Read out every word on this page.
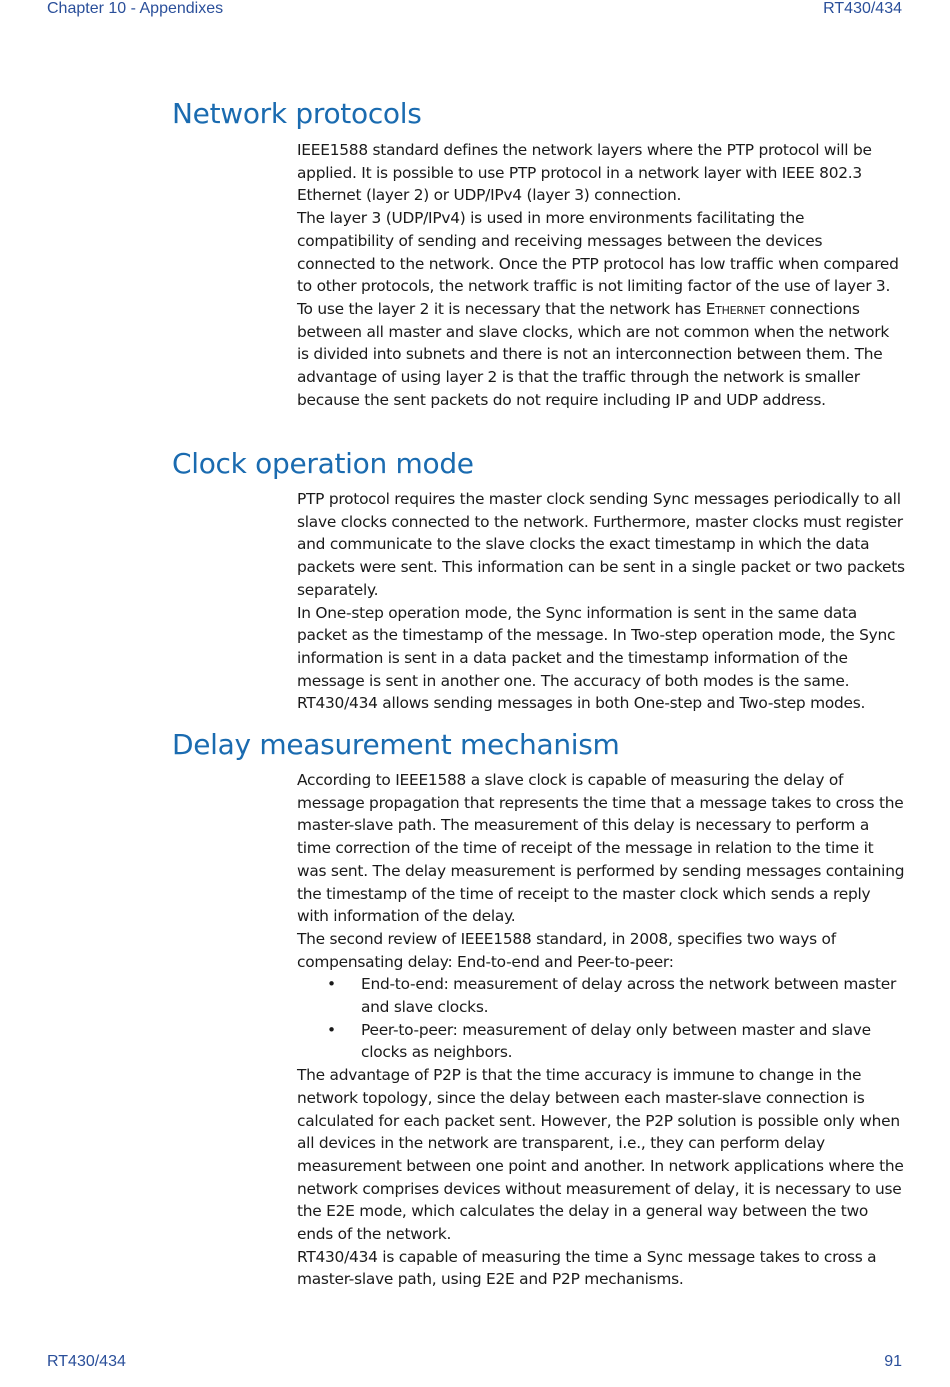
Chapter 10 - Appendixes	RT430/434
Network protocols

IEEE1588 standard defines the network layers where the PTP protocol will be applied. It is possible to use PTP protocol in a network layer with IEEE 802.3 Ethernet (layer 2) or UDP/IPv4 (layer 3) connection.

The layer 3 (UDP/IPv4) is used in more environments facilitating the compatibility of sending and receiving messages between the devices connected to the network. Once the PTP protocol has low traffic when compared to other protocols, the network traffic is not limiting factor of the use of layer 3.

To use the layer 2 it is necessary that the network has Ethernet connections between all master and slave clocks, which are not common when the network is divided into subnets and there is not an interconnection between them. The advantage of using layer 2 is that the traffic through the network is smaller because the sent packets do not require including IP and UDP address.

Clock operation mode

PTP protocol requires the master clock sending Sync messages periodically to all slave clocks connected to the network. Furthermore, master clocks must register and communicate to the slave clocks the exact timestamp in which the data packets were sent. This information can be sent in a single packet or two packets separately.

In One-step operation mode, the Sync information is sent in the same data packet as the timestamp of the message. In Two-step operation mode, the Sync information is sent in a data packet and the timestamp information of the message is sent in another one. The accuracy of both modes is the same.

RT430/434 allows sending messages in both One-step and Two-step modes.

Delay measurement mechanism

According to IEEE1588 a slave clock is capable of measuring the delay of message propagation that represents the time that a message takes to cross the master-slave path. The measurement of this delay is necessary to perform a time correction of the time of receipt of the message in relation to the time it was sent. The delay measurement is performed by sending messages containing the timestamp of the time of receipt to the master clock which sends a reply with information of the delay.

The second review of IEEE1588 standard, in 2008, specifies two ways of compensating delay: End-to-end and Peer-to-peer:

• End-to-end: measurement of delay across the network between master and slave clocks.
• Peer-to-peer: measurement of delay only between master and slave clocks as neighbors.

The advantage of P2P is that the time accuracy is immune to change in the network topology, since the delay between each master-slave connection is calculated for each packet sent. However, the P2P solution is possible only when all devices in the network are transparent, i.e., they can perform delay measurement between one point and another. In network applications where the network comprises devices without measurement of delay, it is necessary to use the E2E mode, which calculates the delay in a general way between the two ends of the network.

RT430/434 is capable of measuring the time a Sync message takes to cross a master-slave path, using E2E and P2P mechanisms.

RT430/434	91
